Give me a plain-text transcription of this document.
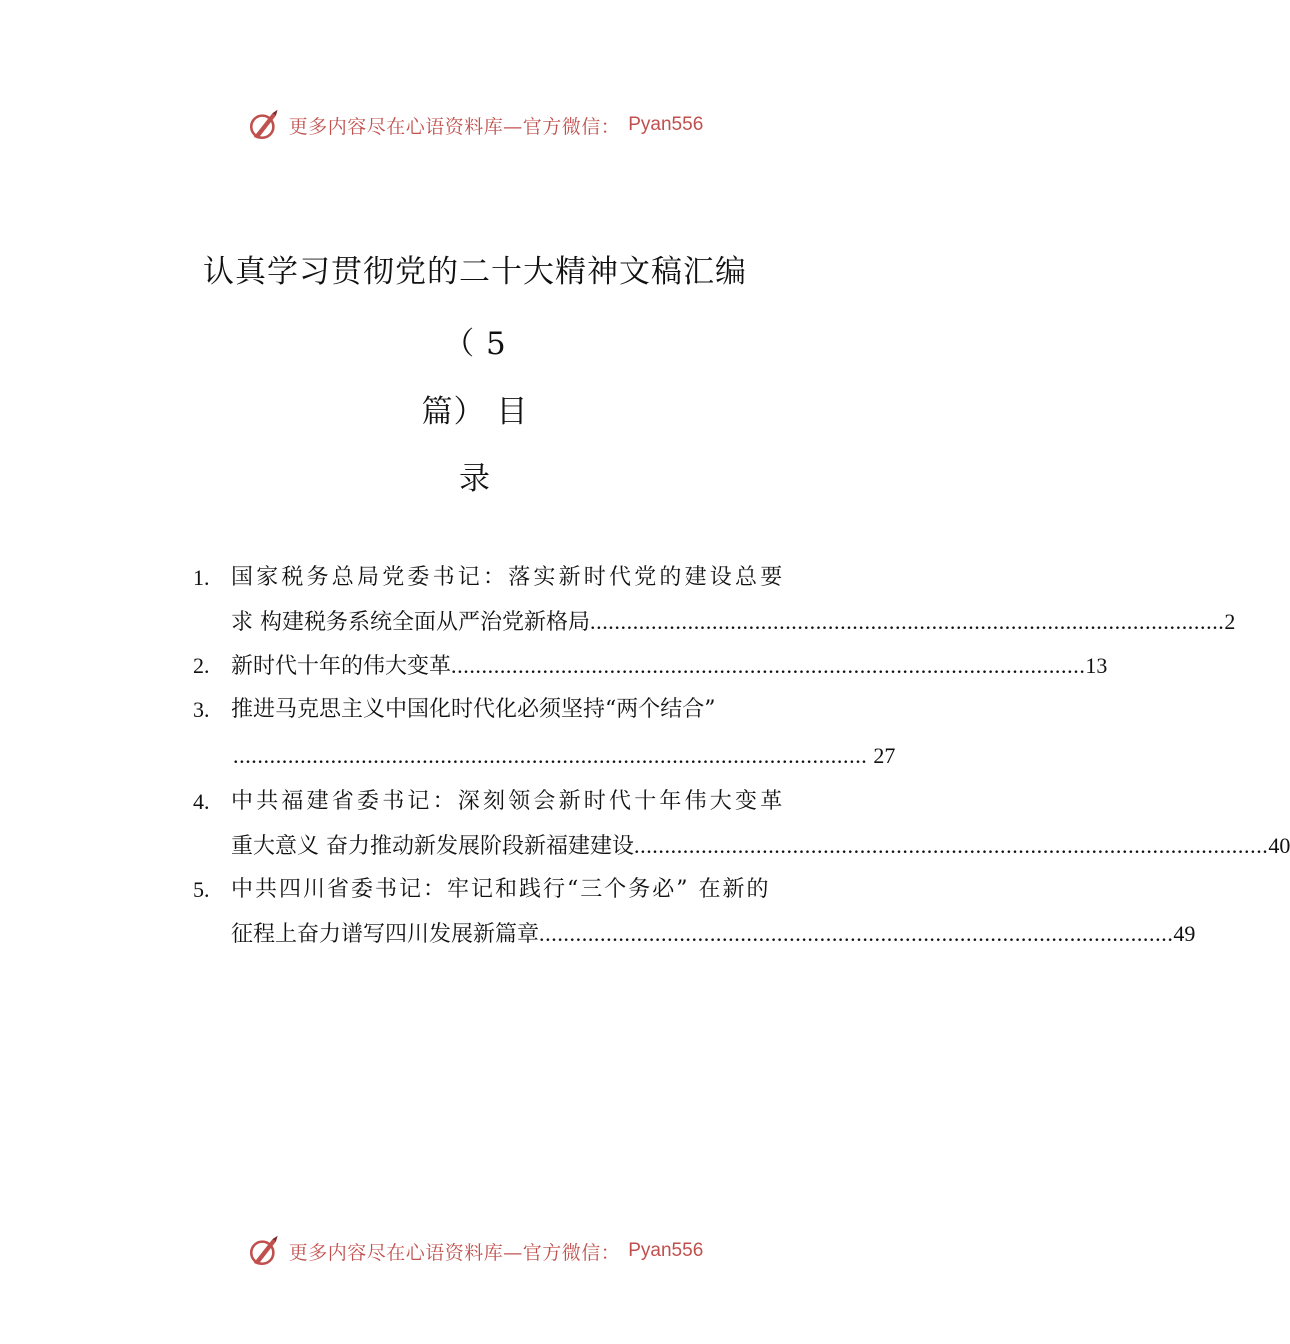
更多内容尽在心语资料库—官方微信： Pyan556
认真学习贯彻党的二十大精神文稿汇编
（ 5
篇） 目
录
1. 国家税务总局党委书记：落实新时代党的建设总要
求 构建税务系统全面从严治党新格局 ........................................................................................................ 2
2. 新时代十年的伟大变革 ........................................................................................................ 13
3. 推进马克思主义中国化时代化必须坚持“两个结合”
........................................................................................................ 27
4. 中共福建省委书记：深刻领会新时代十年伟大变革
重大意义 奋力推动新发展阶段新福建建设 ........................................................................................................ 40
5. 中共四川省委书记：牢记和践行“三个务必” 在新的
征程上奋力谱写四川发展新篇章 ........................................................................................................ 49
更多内容尽在心语资料库—官方微信： Pyan556
